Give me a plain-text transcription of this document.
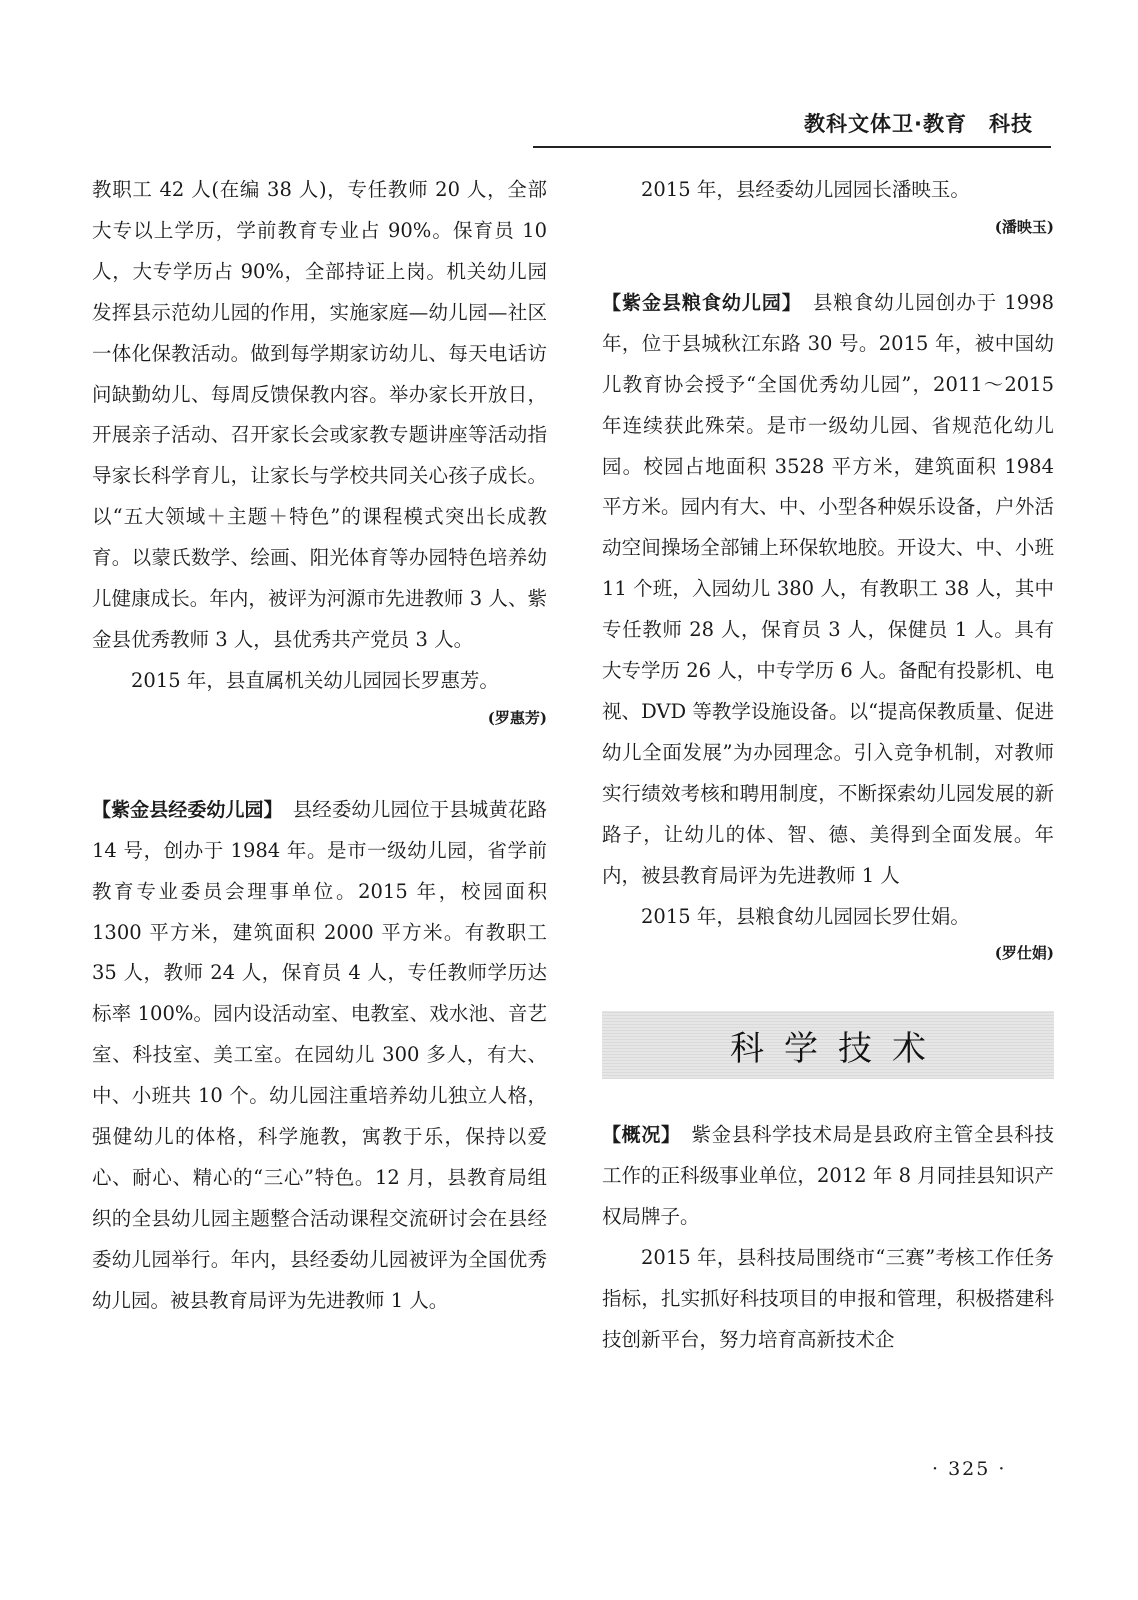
教科文体卫·教育　科技

教职工 42 人(在编 38 人)，专任教师 20 人，全部大专以上学历，学前教育专业占 90%。保育员 10 人，大专学历占 90%，全部持证上岗。机关幼儿园发挥县示范幼儿园的作用，实施家庭—幼儿园—社区一体化保教活动。做到每学期家访幼儿、每天电话访问缺勤幼儿、每周反馈保教内容。举办家长开放日，开展亲子活动、召开家长会或家教专题讲座等活动指导家长科学育儿，让家长与学校共同关心孩子成长。以“五大领域＋主题＋特色”的课程模式突出长成教育。以蒙氏数学、绘画、阳光体育等办园特色培养幼儿健康成长。年内，被评为河源市先进教师 3 人、紫金县优秀教师 3 人，县优秀共产党员 3 人。

2015 年，县直属机关幼儿园园长罗惠芳。

(罗惠芳)

【紫金县经委幼儿园】　 县经委幼儿园位于县城黄花路 14 号，创办于 1984 年。是市一级幼儿园，省学前教育专业委员会理事单位。2015 年，校园面积 1300 平方米，建筑面积 2000 平方米。有教职工 35 人，教师 24 人，保育员 4 人，专任教师学历达标率 100%。园内设活动室、电教室、戏水池、音艺室、科技室、美工室。在园幼儿 300 多人，有大、中、小班共 10 个。幼儿园注重培养幼儿独立人格，强健幼儿的体格，科学施教，寓教于乐，保持以爱心、耐心、精心的“三心”特色。12 月，县教育局组织的全县幼儿园主题整合活动课程交流研讨会在县经委幼儿园举行。年内，县经委幼儿园被评为全国优秀幼儿园。被县教育局评为先进教师 1 人。

2015 年，县经委幼儿园园长潘映玉。

(潘映玉)

【紫金县粮食幼儿园】　 县粮食幼儿园创办于 1998 年，位于县城秋江东路 30 号。2015 年，被中国幼儿教育协会授予“全国优秀幼儿园”，2011～2015 年连续获此殊荣。是市一级幼儿园、省规范化幼儿园。校园占地面积 3528 平方米，建筑面积 1984 平方米。园内有大、中、小型各种娱乐设备，户外活动空间操场全部铺上环保软地胶。开设大、中、小班 11 个班，入园幼儿 380 人，有教职工 38 人，其中专任教师 28 人，保育员 3 人，保健员 1 人。具有大专学历 26 人，中专学历 6 人。备配有投影机、电视、DVD 等教学设施设备。以“提高保教质量、促进幼儿全面发展”为办园理念。引入竞争机制，对教师实行绩效考核和聘用制度，不断探索幼儿园发展的新路子，让幼儿的体、智、德、美得到全面发展。年内，被县教育局评为先进教师 1 人

2015 年，县粮食幼儿园园长罗仕娟。

(罗仕娟)
科学技术

【概况】　 紫金县科学技术局是县政府主管全县科技工作的正科级事业单位，2012 年 8 月同挂县知识产权局牌子。

2015 年，县科技局围绕市“三赛”考核工作任务指标，扎实抓好科技项目的申报和管理，积极搭建科技创新平台，努力培育高新技术企

· 325 ·
